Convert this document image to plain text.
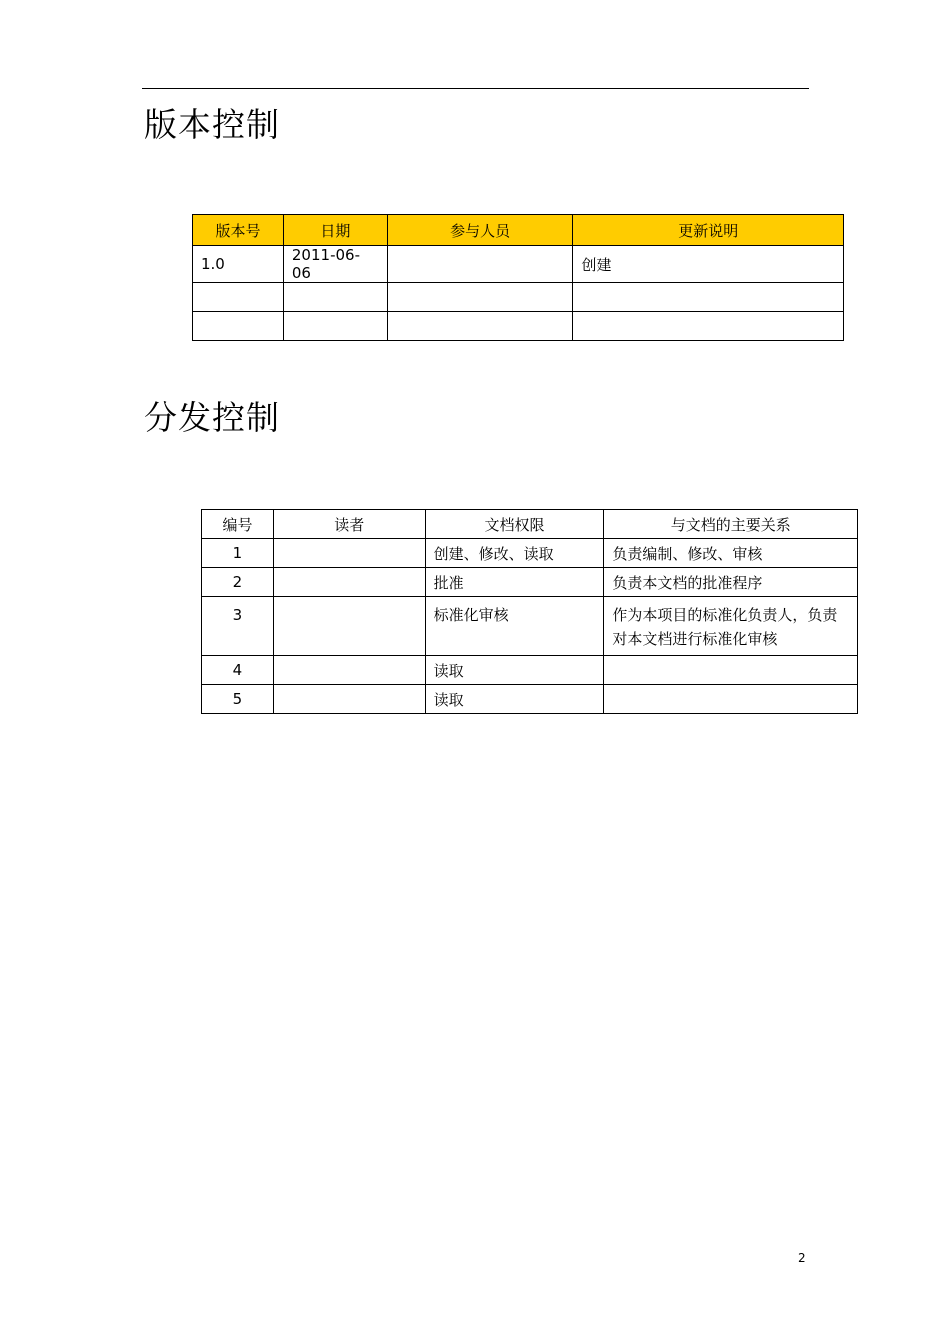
版本控制
版本号	日期	参与人员	更新说明
1.0	2011-06-06		创建

分发控制
编号	读者	文档权限	与文档的主要关系
1		创建、修改、读取	负责编制、修改、审核
2		批准	负责本文档的批准程序
3		标准化审核	作为本项目的标准化负责人，负责对本文档进行标准化审核
4		读取	
5		读取	
2
